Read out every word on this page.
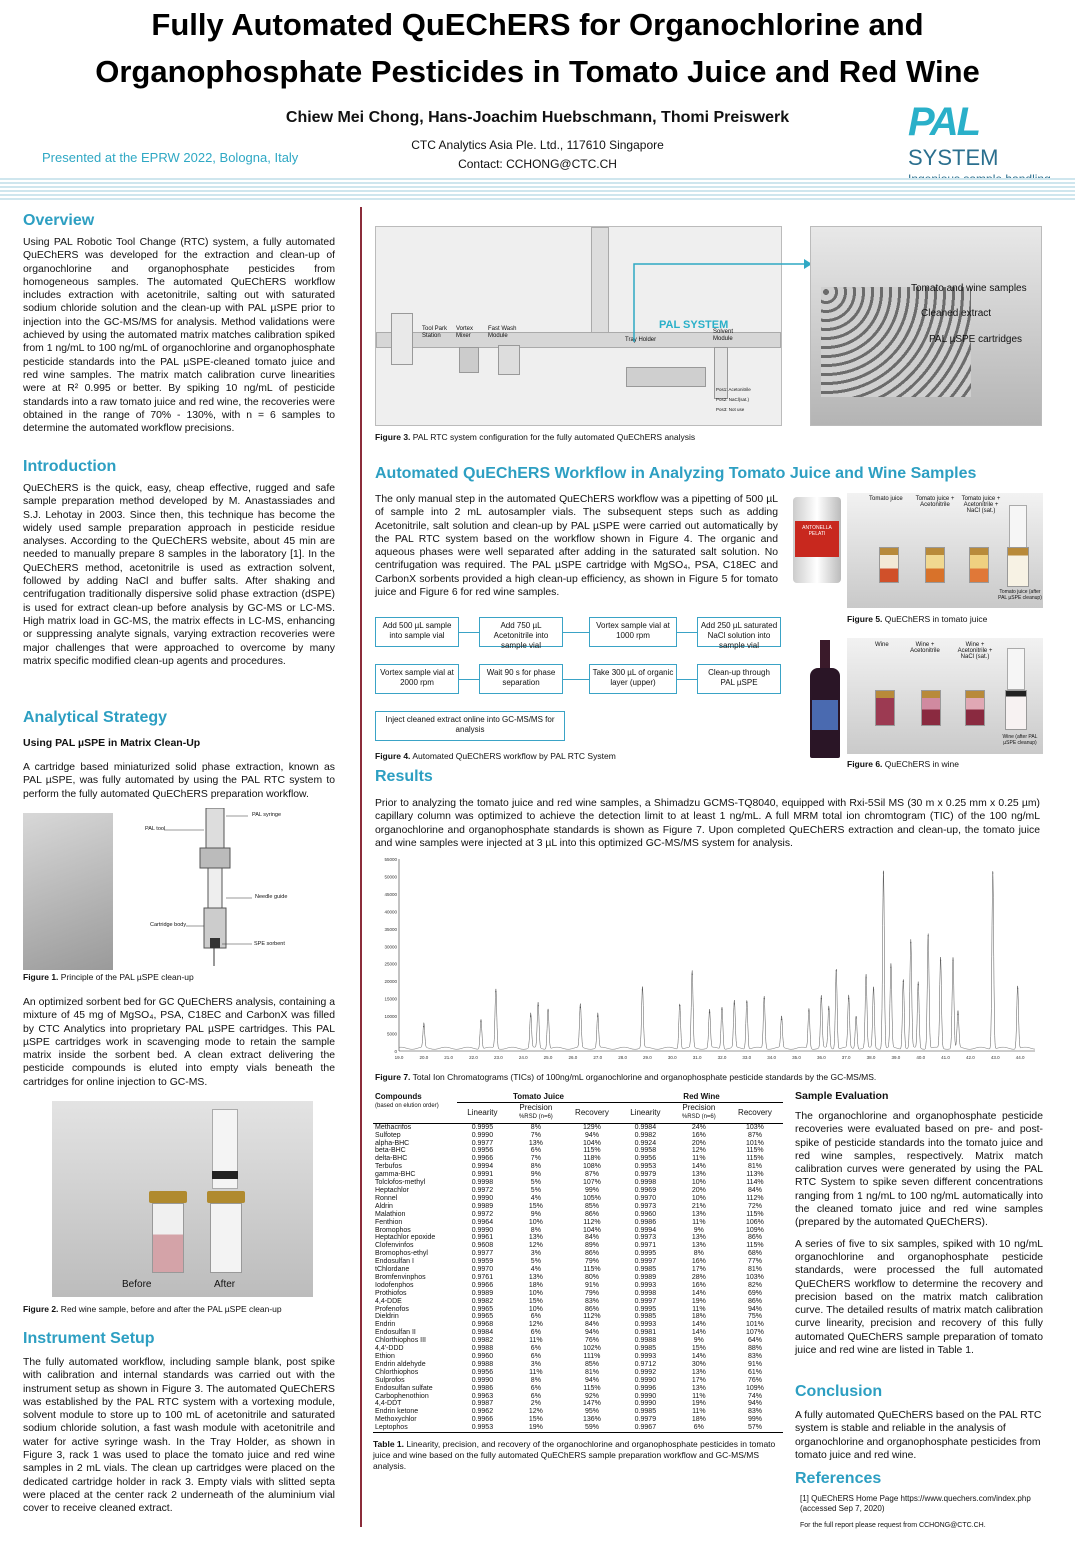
Fully Automated QuEChERS for Organochlorine and
Organophosphate Pesticides in Tomato Juice and Red Wine
Chiew Mei Chong, Hans-Joachim Huebschmann, Thomi Preiswerk
CTC Analytics Asia Ple. Ltd., 117610 Singapore
Contact: CCHONG@CTC.CH
Presented at the EPRW 2022, Bologna, Italy
PAL SYSTEM
Overview

Using PAL Robotic Tool Change (RTC) system, a fully automated QuEChERS was developed for the extraction and clean-up of organochlorine and organophosphate pesticides from homogeneous samples. The automated QuEChERS workflow includes extraction with acetonitrile, salting out with saturated sodium chloride solution and the clean-up with PAL µSPE prior to injection into the GC-MS/MS for analysis. Method validations were achieved by using the automated matrix matches calibration spiked from 1 ng/mL to 100 ng/mL of organochlorine and organophosphate pesticide standards into the PAL µSPE-cleaned tomato juice and red wine samples. The matrix match calibration curve linearities were at R² 0.995 or better. By spiking 10 ng/mL of pesticide standards into a raw tomato juice and red wine, the recoveries were obtained in the range of 70% - 130%, with n = 6 samples to determine the automated workflow precisions.

Introduction

QuEChERS is the quick, easy, cheap effective, rugged and safe sample preparation method developed by M. Anastassiades and S.J. Lehotay in 2003. Since then, this technique has become the widely used sample preparation approach in pesticide residue analyses. According to the QuEChERS website, about 45 min are needed to manually prepare 8 samples in the laboratory [1]. In the QuEChERS method, acetonitrile is used as extraction solvent, followed by adding NaCl and buffer salts. After shaking and centrifugation traditionally dispersive solid phase extraction (dSPE) is used for extract clean-up before analysis by GC-MS or LC-MS. High matrix load in GC-MS, the matrix effects in LC-MS, enhancing or suppressing analyte signals, varying extraction recoveries were major challenges that were approached to overcome by many matrix specific modified clean-up agents and procedures.

Analytical Strategy
Using PAL µSPE in Matrix Clean-Up

A cartridge based miniaturized solid phase extraction, known as PAL µSPE, was fully automated by using the PAL RTC system to perform the fully automated QuEChERS preparation workflow.

PAL tool
PAL syringe
Needle guide
Cartridge body
SPE sorbent
Figure 1. Principle of the PAL µSPE clean-up

An optimized sorbent bed for GC QuEChERS analysis, containing a mixture of 45 mg of MgSO₄, PSA, C18EC and CarbonX was filled by CTC Analytics into proprietary PAL µSPE cartridges. This PAL µSPE cartridges work in scavenging mode to retain the sample matrix inside the sorbent bed. A clean extract delivering the pesticide compounds is eluted into empty vials beneath the cartridges for online injection to GC-MS.

Before	After
Figure 2. Red wine sample, before and after the PAL µSPE clean-up
Instrument Setup

The fully automated workflow, including sample blank, post spike with calibration and internal standards was carried out with the instrument setup as shown in Figure 3. The automated QuEChERS was established by the PAL RTC system with a vortexing module, solvent module to store up to 100 mL of acetonitrile and saturated sodium chloride solution, a fast wash module with acetonitrile and water for active syringe wash. In the Tray Holder, as shown in Figure 3, rack 1 was used to place the tomato juice and red wine samples in 2 mL vials. The clean up cartridges were placed on the dedicated cartridge holder in rack 3. Empty vials with slitted septa were placed at the center rack 2 underneath of the aluminium vial cover to receive cleaned extract.

PAL SYSTEM
Tool Park Station
Vortex Mixer
Fast Wash Module
Tray Holder
Solvent Module
Pos1: Acetonitrile
Pos2: NaCl(sat.)
Pos3: Not use
Tomato and wine samples
Cleaned extract
PAL µSPE cartridges
Figure 3. PAL RTC system configuration for the fully automated QuEChERS analysis
Automated QuEChERS Workflow in Analyzing Tomato Juice and Wine Samples

The only manual step in the automated QuEChERS workflow was a pipetting of 500 µL of sample into 2 mL autosampler vials. The subsequent steps such as adding Acetonitrile, salt solution and clean-up by PAL µSPE were carried out automatically by the PAL RTC system based on the workflow shown in Figure 4. The organic and aqueous phases were well separated after adding in the saturated salt solution. No centrifugation was required. The PAL µSPE cartridge with MgSO₄, PSA, C18EC and CarbonX sorbents provided a high clean-up efficiency, as shown in Figure 5 for tomato juice and Figure 6 for red wine samples.

Add 500 µL sample into sample vial
Add 750 µL Acetonitrile into sample vial
Vortex sample vial at 1000 rpm
Add 250 µL saturated NaCl solution into sample vial
Vortex sample vial at 2000 rpm
Wait 90 s for phase separation
Take 300 µL of organic layer (upper)
Clean-up through PAL µSPE
Inject cleaned extract online into GC-MS/MS for analysis
Figure 4. Automated QuEChERS workflow by PAL RTC System
ANTONELLA PELATI
Tomato juice	Tomato juice + Acetonitrile
Tomato juice + Acetonitrile + NaCl (sat.)
Tomato juice (after PAL µSPE cleanup)
Figure 5. QuEChERS in tomato juice
Wine	Wine + Acetonitrile
Wine + Acetonitrile + NaCl (sat.)
Wine (after PAL µSPE cleanup)
Figure 6. QuEChERS in wine
Results

Prior to analyzing the tomato juice and red wine samples, a Shimadzu GCMS-TQ8040, equipped with Rxi-5Sil MS (30 m x 0.25 mm x 0.25 µm) capillary column was optimized to achieve the detection limit to at least 1 ng/mL. A full MRM total ion chromtogram (TIC) of the 100 ng/mL organochlorine and organophosphate standards is shown as Figure 7. Upon completed QuEChERS extraction and clean-up, the tomato juice and wine samples were injected at 3 µL into this optimized GC-MS/MS system for analysis.

0
5000
10000
15000
20000
25000
30000
35000
40000
45000
50000
55000
19.0	20.0	21.0	22.0	23.0	24.0	25.0	26.0	27.0	28.0	29.0	30.0	31.0	32.0	33.0	34.0	35.0	36.0	37.0	38.0	39.0	40.0	41.0	42.0	43.0	44.0
Figure 7. Total Ion Chromatograms (TICs) of 100ng/mL organochlorine and organophosphate pesticide standards by the GC-MS/MS.
Compounds
(based on elution order)	Tomato Juice			Red Wine		
	Linearity	Precision
%RSD (n=6)	Recovery	Linearity	Precision
%RSD (n=6)	Recovery
Methacrifos	0.9995	8%	129%	0.9984	24%	103%
Sulfotep	0.9990	7%	94%	0.9982	16%	87%
alpha-BHC	0.9977	13%	104%	0.9924	20%	101%
beta-BHC	0.9956	6%	115%	0.9958	12%	115%
delta-BHC	0.9966	7%	118%	0.9956	11%	115%
Terbufos	0.9994	8%	108%	0.9953	14%	81%
gamma-BHC	0.9991	9%	87%	0.9979	13%	113%
Tolclofos-methyl	0.9998	5%	107%	0.9998	10%	114%
Heptachlor	0.9972	5%	99%	0.9969	20%	84%
Ronnel	0.9990	4%	105%	0.9970	10%	112%
Aldrin	0.9989	15%	85%	0.9973	21%	72%
Malathion	0.9972	9%	86%	0.9960	13%	115%
Fenthion	0.9964	10%	112%	0.9986	11%	106%
Bromophos	0.9990	8%	104%	0.9994	9%	109%
Heptachlor epoxide	0.9961	13%	84%	0.9973	13%	86%
Clofenvinfos	0.9608	12%	89%	0.9971	13%	115%
Bromophos-ethyl	0.9977	3%	86%	0.9995	8%	68%
Endosulfan I	0.9959	5%	79%	0.9997	16%	77%
tChlordane	0.9970	4%	115%	0.9985	17%	81%
Bromfenvinphos	0.9761	13%	80%	0.9989	28%	103%
Iodofenphos	0.9966	18%	91%	0.9993	16%	82%
Prothiofos	0.9989	10%	79%	0.9998	14%	69%
4,4-DDE	0.9982	15%	83%	0.9997	19%	86%
Profenofos	0.9965	10%	86%	0.9995	11%	94%
Dieldrin	0.9965	6%	112%	0.9985	18%	75%
Endrin	0.9968	12%	84%	0.9993	14%	101%
Endosulfan II	0.9984	6%	94%	0.9981	14%	107%
Chlorthiophos III	0.9982	11%	76%	0.9988	9%	64%
4,4'-DDD	0.9988	6%	102%	0.9985	15%	88%
Ethion	0.9960	6%	111%	0.9993	14%	83%
Endrin aldehyde	0.9988	3%	85%	0.9712	30%	91%
Chlorthiophos	0.9956	11%	81%	0.9992	13%	61%
Sulprofos	0.9990	8%	94%	0.9990	17%	76%
Endosulfan sulfate	0.9986	6%	115%	0.9996	13%	109%
Carbophenothion	0.9963	6%	92%	0.9990	11%	74%
4,4-DDT	0.9987	2%	147%	0.9990	19%	94%
Endrin ketone	0.9962	12%	95%	0.9985	11%	83%
Methoxychlor	0.9966	15%	136%	0.9979	18%	99%
Leptophos	0.9953	19%	59%	0.9967	6%	57%
Table 1. Linearity, precision, and recovery of the organochlorine and organophosphate pesticides in tomato juice and wine based on the fully automated QuEChERS sample preparation workflow and GC-MS/MS analysis.
Sample Evaluation

The organochlorine and organophosphate pesticide recoveries were evaluated based on pre- and post-spike of pesticide standards into the tomato juice and red wine samples, respectively. Matrix match calibration curves were generated by using the PAL RTC System to spike seven different concentrations ranging from 1 ng/mL to 100 ng/mL automatically into the cleaned tomato juice and red wine samples (prepared by the automated QuEChERS).

A series of five to six samples, spiked with 10 ng/mL organochlorine and organophosphate pesticide standards, were processed the full automated QuEChERS workflow to determine the recovery and precision based on the matrix match calibration curve. The detailed results of matrix match calibration curve linearity, precision and recovery of this fully automated QuEChERS sample preparation of tomato juice and red wine are listed in Table 1.

Conclusion

A fully automated QuEChERS based on the PAL RTC system is stable and reliable in the analysis of organochlorine and organophosphate pesticides from tomato juice and red wine.

References

[1] QuEChERS Home Page https://www.quechers.com/index.php (accessed Sep 7, 2020)

For the full report please request from CCHONG@CTC.CH.
